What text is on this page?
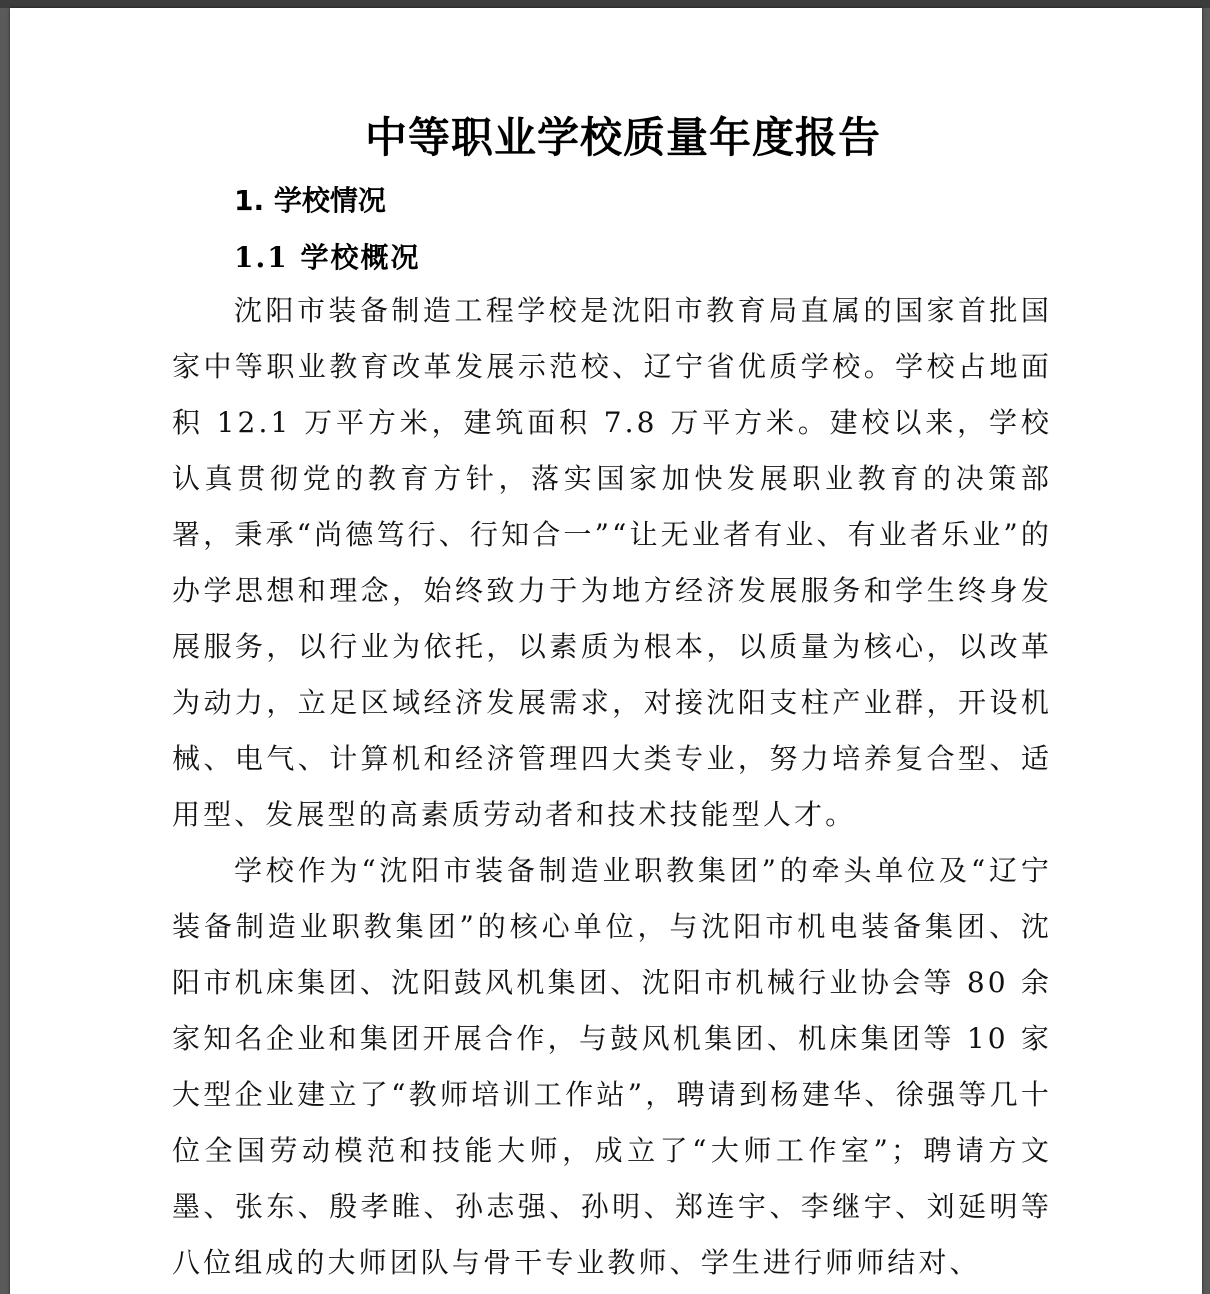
中等职业学校质量年度报告
1. 学校情况
1.1 学校概况

沈阳市装备制造工程学校是沈阳市教育局直属的国家首批国家中等职业教育改革发展示范校、辽宁省优质学校。学校占地面积 12.1 万平方米，建筑面积 7.8 万平方米。建校以来，学校认真贯彻党的教育方针，落实国家加快发展职业教育的决策部署，秉承“尚德笃行、行知合一”“让无业者有业、有业者乐业”的办学思想和理念，始终致力于为地方经济发展服务和学生终身发展服务，以行业为依托，以素质为根本，以质量为核心，以改革为动力，立足区域经济发展需求，对接沈阳支柱产业群，开设机械、电气、计算机和经济管理四大类专业，努力培养复合型、适用型、发展型的高素质劳动者和技术技能型人才。

学校作为“沈阳市装备制造业职教集团”的牵头单位及“辽宁装备制造业职教集团”的核心单位，与沈阳市机电装备集团、沈阳市机床集团、沈阳鼓风机集团、沈阳市机械行业协会等 80 余家知名企业和集团开展合作，与鼓风机集团、机床集团等 10 家大型企业建立了“教师培训工作站”，聘请到杨建华、徐强等几十位全国劳动模范和技能大师，成立了“大师工作室”；聘请方文墨、张东、殷孝睢、孙志强、孙明、郑连宇、李继宇、刘延明等八位组成的大师团队与骨干专业教师、学生进行师师结对、
